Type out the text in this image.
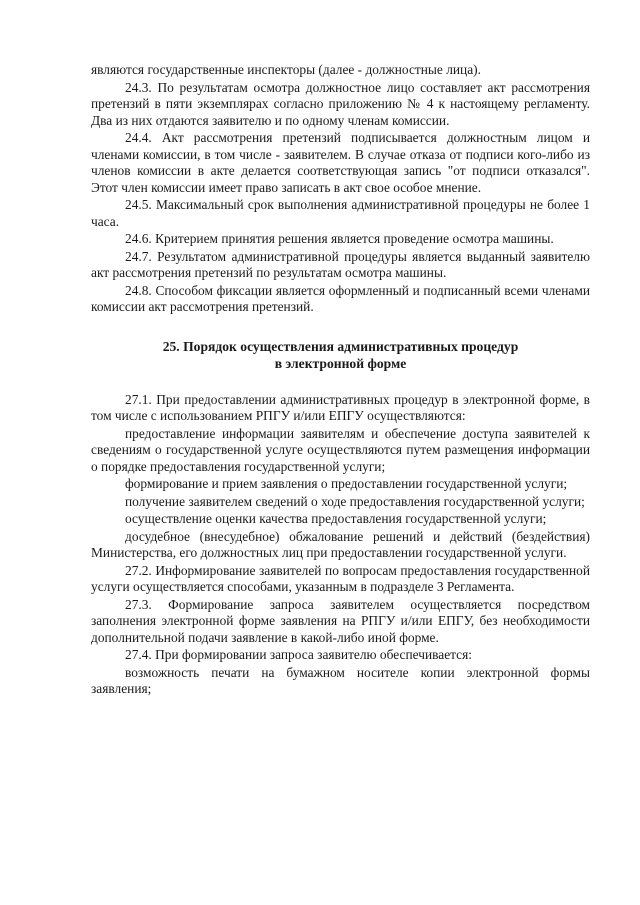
являются государственные инспекторы (далее - должностные лица).

24.3. По результатам осмотра должностное лицо составляет акт рассмотрения претензий в пяти экземплярах согласно приложению № 4 к настоящему регламенту. Два из них отдаются заявителю и по одному членам комиссии.

24.4. Акт рассмотрения претензий подписывается должностным лицом и членами комиссии, в том числе - заявителем. В случае отказа от подписи кого-либо из членов комиссии в акте делается соответствующая запись "от подписи отказался". Этот член комиссии имеет право записать в акт свое особое мнение.

24.5. Максимальный срок выполнения административной процедуры не более 1 часа.

24.6. Критерием принятия решения является проведение осмотра машины.

24.7. Результатом административной процедуры является выданный заявителю акт рассмотрения претензий по результатам осмотра машины.

24.8. Способом фиксации является оформленный и подписанный всеми членами комиссии акт рассмотрения претензий.

25. Порядок осуществления административных процедур
в электронной форме

27.1. При предоставлении административных процедур в электронной форме, в том числе с использованием РПГУ и/или ЕПГУ осуществляются:

предоставление информации заявителям и обеспечение доступа заявителей к сведениям о государственной услуге осуществляются путем размещения информации о порядке предоставления государственной услуги;

формирование и прием заявления о предоставлении государственной услуги;

получение заявителем сведений о ходе предоставления государственной услуги;

осуществление оценки качества предоставления государственной услуги;

досудебное (внесудебное) обжалование решений и действий (бездействия) Министерства, его должностных лиц при предоставлении государственной услуги.

27.2. Информирование заявителей по вопросам предоставления государственной услуги осуществляется способами, указанным в подразделе 3 Регламента.

27.3. Формирование запроса заявителем осуществляется посредством заполнения электронной форме заявления на РПГУ и/или ЕПГУ, без необходимости дополнительной подачи заявление в какой-либо иной форме.

27.4. При формировании запроса заявителю обеспечивается:

возможность печати на бумажном носителе копии электронной формы заявления;
